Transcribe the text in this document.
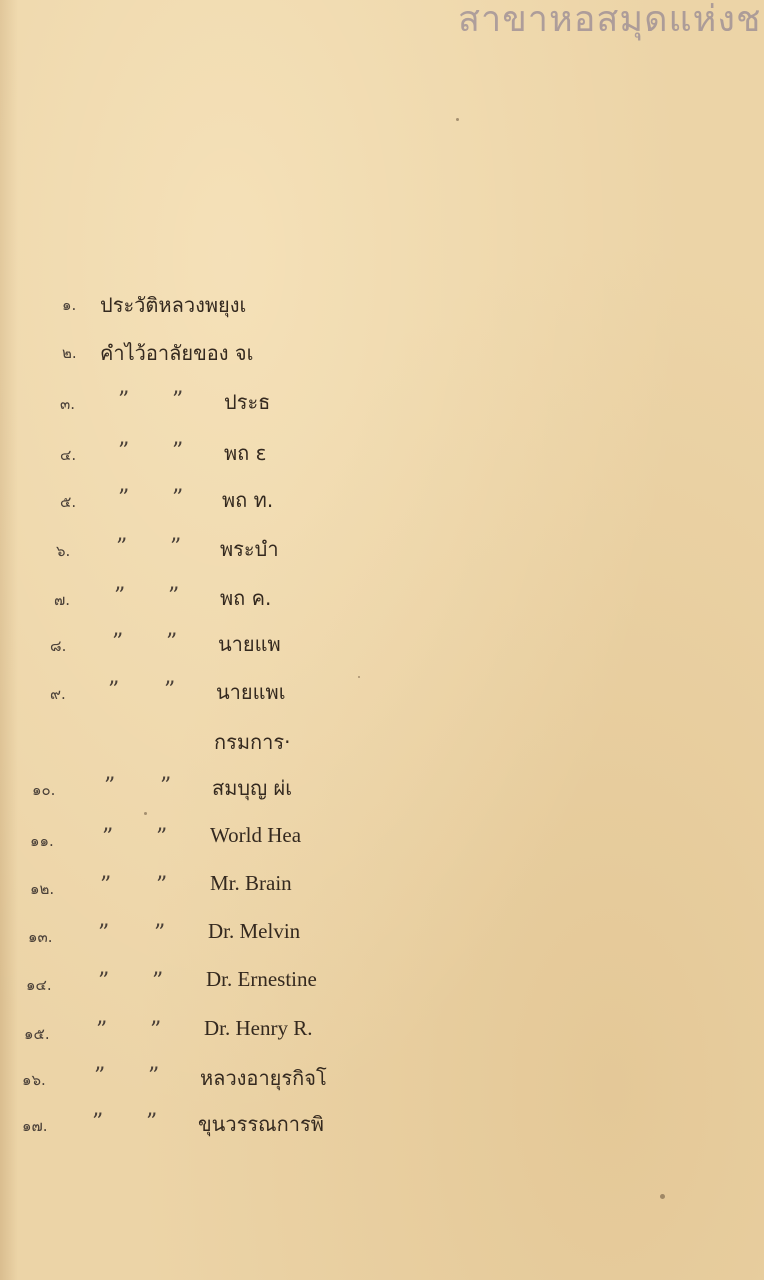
สาขาหอสมุดแห่งช
๑. ประวัติหลวงพยุงเ
๒. คำไว้อาลัยของ จเ
๓. ” ” ประธ
๔. ” ” พถ ɛ
๕. ” ” พถ ท.
๖. ” ” พระบำ
๗. ” ” พถ ค.
๘. ” ” นายแพ
๙. ” ” นายแพเ
กรมการ·
๑๐. ” ” สมบุญ ผ่เ
๑๑. ” ” World Hea
๑๒. ” ” Mr. Brain
๑๓. ” ” Dr. Melvin
๑๔. ” ” Dr. Ernestine
๑๕. ” ” Dr. Henry R.
๑๖. ” ” หลวงอายุรกิจโ
๑๗. ” ” ขุนวรรณการพิ
